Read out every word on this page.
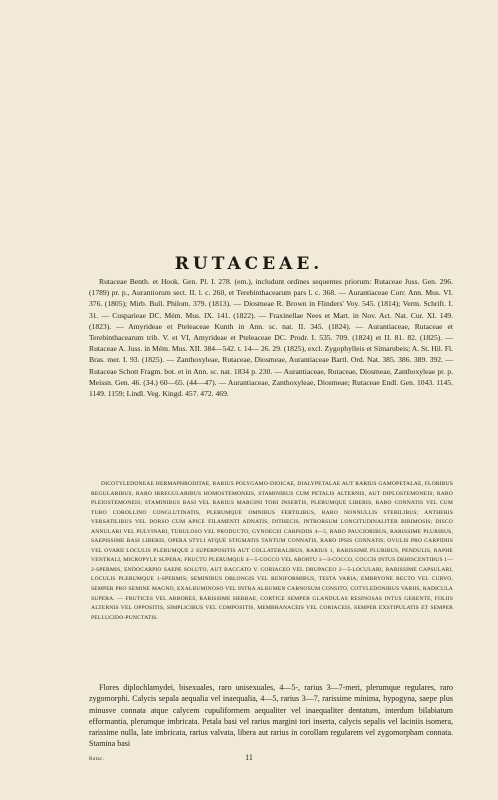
RUTACEAE.
Rutaceae Benth. et Hook. Gen. Pl. I. 278. (em.), includunt ordines sequentes priorum: Rutaceae Juss. Gen. 296. (1789) pr. p., Aurantiorum sect. II. l. c. 260, et Terebinthacearum pars l. c. 368. — Aurantiaceae Corr. Ann. Mus. VI. 376. (1805); Mirb. Bull. Philom. 379. (1813). — Diosmeae R. Brown in Flinders' Voy. 545. (1814); Verm. Schrift. I. 31. — Cusparieae DC. Mém. Mus. IX. 141. (1822). — Fraxinellae Nees et Mart. in Nov. Act. Nat. Cur. XI. 149. (1823). — Amyrideae et Pteleaceae Kunth in Ann. sc. nat. II. 345. (1824). — Aurantiaceae, Rutaceae et Terebinthacearum trib. V. et VI, Amyrideae et Pteleaceae DC. Prodr. I. 535. 709. (1824) et II. 81. 82. (1825). — Rutaceae A. Juss. in Mém. Mus. XII. 384—542. t. 14— 26. 29. (1825), excl. Zygophylleis et Simarubeis; A. St. Hil. Fl. Bras. mer. I. 93. (1825). — Zanthoxyleae, Rutaceae, Diosmeae, Aurantiaceae Bartl. Ord. Nat. 385. 386. 389. 392. — Rutaceae Schott Fragm. bot. et in Ann. sc. nat. 1834 p. 230. — Aurantiaceae, Rutaceae, Diosmeae, Zanthoxyleae pr. p. Meissn. Gen. 46. (34.) 60—65. (44—47). — Aurantiaceae, Zanthoxyleae, Diosmeae; Rutaceae Endl. Gen. 1043. 1145. 1149. 1159; Lindl. Veg. Kingd. 457. 472. 469.
DICOTYLEDONEAE HERMAPHRODITAE, RARIUS POLYGAMO-DIOICAE, DIALYPETALAE AUT RARIUS GAMOPETALAE, FLORIBUS REGULARIBUS, RARO IRREGULARIBUS HOMOSTEMONEIS, STAMINIBUS CUM PETALIS ALTERNIS, AUT DIPLOSTEMONEIS; RARO PLEIOSTEMONEIS; STAMINIBUS BASI VEL RARIUS MARGINI TORI INSERTIS, PLERUMQUE LIBERIS, RARO CONNATIS VEL CUM TUBO COROLLINO CONGLUTINATIS, PLERUMQUE OMNIBUS FERTILIBUS, RARO NONNULLIS STERILIBUS; ANTHERIS VERSATILIBUS VEL DORSO CUM APICE FILAMENTI ADNATIS, DITHECIS, INTRORSUM LONGITUDINALITER BIRIMOSIS; DISCO ANNULARI VEL PULVINARI, TUBULOSO VEL PRODUCTO; GYNOECEI CARPIDIIS 4—5, RARO PAUCIORIBUS, RARISSIME PLURIBUS, SAEPISSIME BASI LIBERIS, OPERA STYLI ATQUE STIGMATIS TANTUM CONNATIS, RARO IPSIS CONNATIS; OVULIS PRO CARPIDIIS VEL OVARII LOCULIS PLERUMQUE 2 SUPERPOSITIS AUT COLLATERALIBUS, RARIUS 1, RARISSIME PLURIBUS, PENDULIS, RAPHE VENTRALI, MICROPYLE SUPERA; FRUCTU PLERUMQUE 4—5-COCCO VEL ABORTU 1—3-COCCO, COCCIS INTUS DEHISCENTIBUS 1—2-SPERMIS, ENDOCARPIO SAEPE SOLUTO, AUT BACCATO V. CORIACEO VEL DRUPACEO 2—5-LOCULARI, RARISSIME CAPSULARI, LOCULIS PLERUMQUE 1-SPERMIS; SEMINIBUS OBLONGIS VEL RENIFORMIBUS, TESTA VARIA; EMBRYONE RECTO VEL CURVO, SEMPER PRO SEMINE MAGNO, EXALBUMINOSO VEL INTRA ALBUMEN CARNOSUM CONSITO, COTYLEDONIBUS VARIIS, RADICULA SUPERA. — FRUTICES VEL ARBORES, RARISSIME HERBAE, CORTICE SEMPER GLANDULAS RESINOSAS INTUS GERENTE, FOLIIS ALTERNIS VEL OPPOSITIS, SIMPLICIBUS VEL COMPOSITIS, MEMBRANACEIS VEL CORIACEIS, SEMPER EXSTIPULATIS ET SEMPER PELLUCIDO-PUNCTATIS.
Flores diplochlamydei, bisexuales, raro unisexuales, 4—5-, rarius 3—7-meri, plerumque regulares, raro zygomorphi. Calycis sepala aequalia vel inaequalia, 4—5, rarius 3—7, rarissime minima, hypogyna, saepe plus minusve connata atque calycem cupuliformem aequaliter vel inaequaliter dentatum, interdum bilabiatum efformantia, plerumque imbricata. Petala basi vel rarius margini tori inserta, calycis sepalis vel laciniis isomera, rarissime nulla, late imbricata, rarius valvata, libera aut rarius in corollam regularem vel zygomorpham connata. Stamina basi
Rutac.	11
